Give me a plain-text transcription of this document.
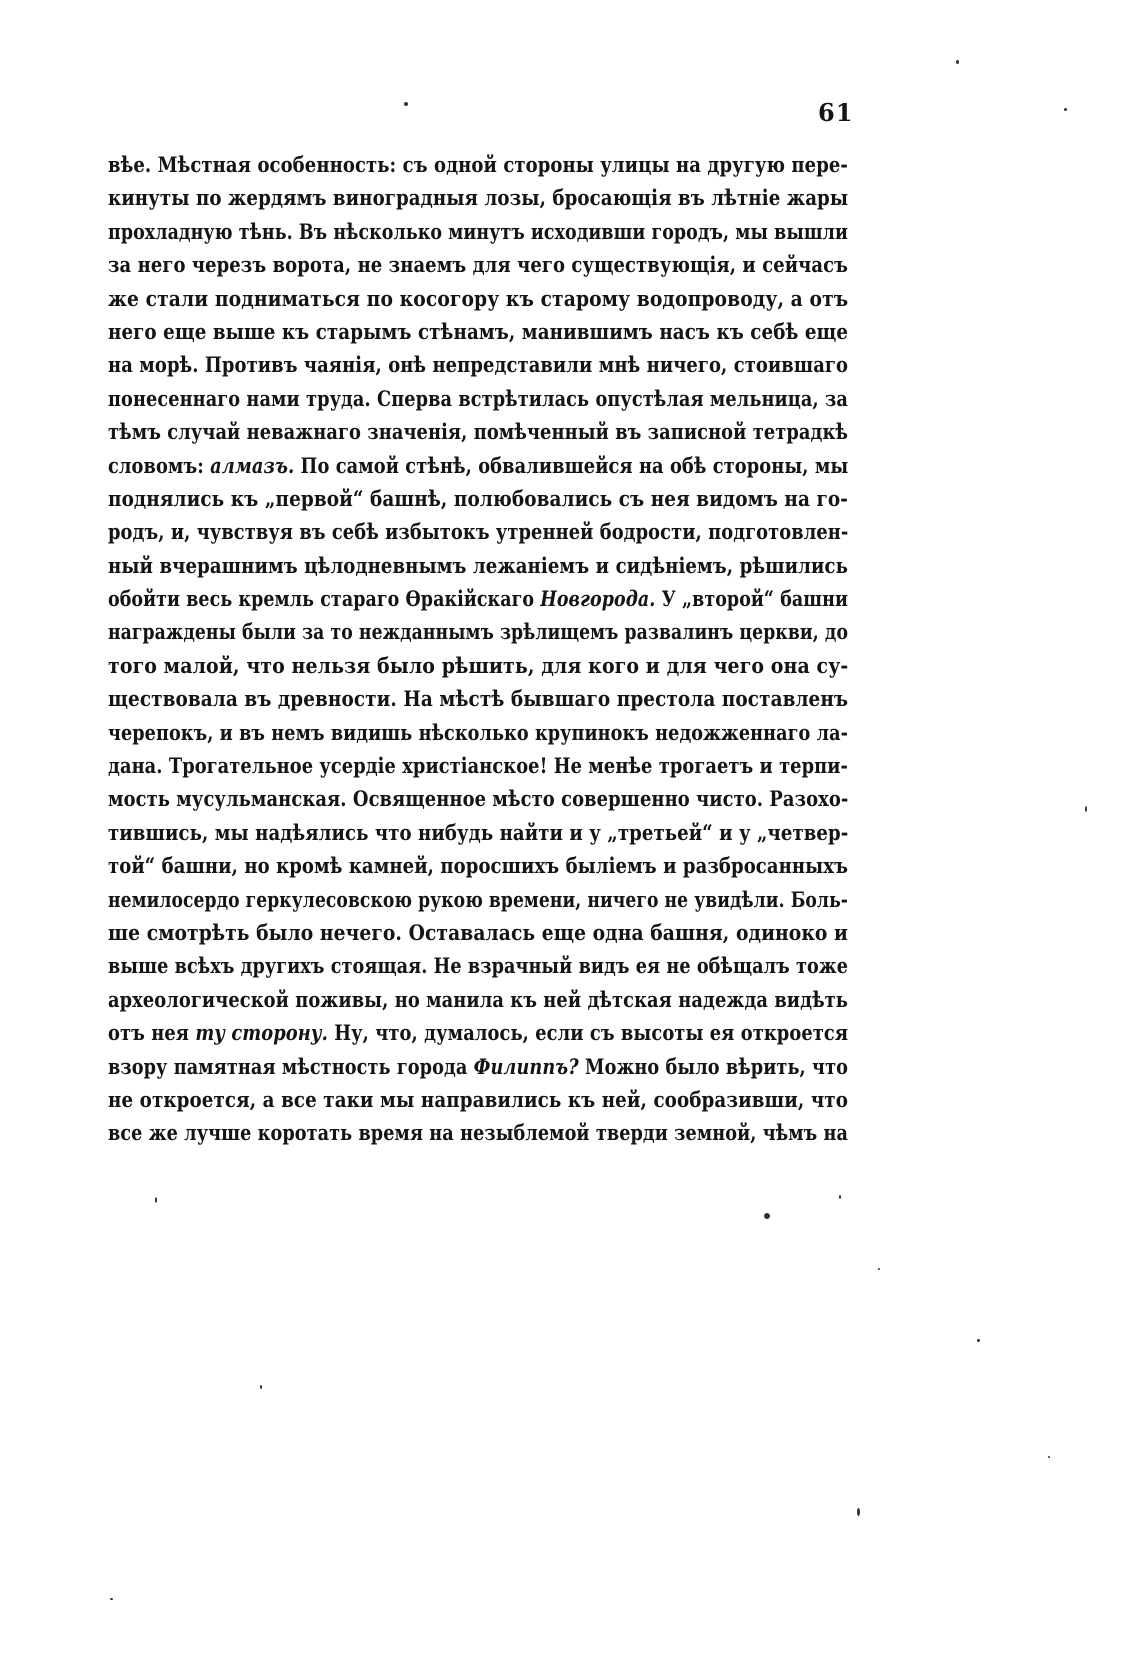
61
вѣе. Мѣстная особенность: съ одной стороны улицы на другую пере-
кинуты по жердямъ виноградныя лозы, бросающія въ лѣтніе жары
прохладную тѣнь. Въ нѣсколько минутъ исходивши городъ, мы вышли
за него черезъ ворота, не знаемъ для чего существующія, и сейчасъ
же стали подниматься по косогору къ старому водопроводу, а отъ
него еще выше къ старымъ стѣнамъ, манившимъ насъ къ себѣ еще
на морѣ. Противъ чаянія, онѣ непредставили мнѣ ничего, стоившаго
понесеннаго нами труда. Сперва встрѣтилась опустѣлая мельница, за
тѣмъ случай неважнаго значенія, помѣченный въ записной тетрадкѣ
словомъ: алмазъ. По самой стѣнѣ, обвалившейся на обѣ стороны, мы
поднялись къ „первой“ башнѣ, полюбовались съ нея видомъ на го-
родъ, и, чувствуя въ себѣ избытокъ утренней бодрости, подготовлен-
ный вчерашнимъ цѣлодневнымъ лежаніемъ и сидѣніемъ, рѣшились
обойти весь кремль стараго Ѳракійскаго Новгорода. У „второй“ башни
награждены были за то нежданнымъ зрѣлищемъ развалинъ церкви, до
того малой, что нельзя было рѣшить, для кого и для чего она су-
ществовала въ древности. На мѣстѣ бывшаго престола поставленъ
черепокъ, и въ немъ видишь нѣсколько крупинокъ недожженнаго ла-
дана. Трогательное усердіе христіанское! Не менѣе трогаетъ и терпи-
мость мусульманская. Освященное мѣсто совершенно чисто. Разохо-
тившись, мы надѣялись что нибудь найти и у „третьей“ и у „четвер-
той“ башни, но кромѣ камней, поросшихъ быліемъ и разбросанныхъ
немилосердо геркулесовскою рукою времени, ничего не увидѣли. Боль-
ше смотрѣть было нечего. Оставалась еще одна башня, одиноко и
выше всѣхъ другихъ стоящая. Не взрачный видъ ея не обѣщалъ тоже
археологической поживы, но манила къ ней дѣтская надежда видѣть
отъ нея ту сторону. Ну, что, думалось, если съ высоты ея откроется
взору памятная мѣстность города Филиппъ? Можно было вѣрить, что
не откроется, а все таки мы направились къ ней, сообразивши, что
все же лучше коротать время на незыблемой тверди земной, чѣмъ на
